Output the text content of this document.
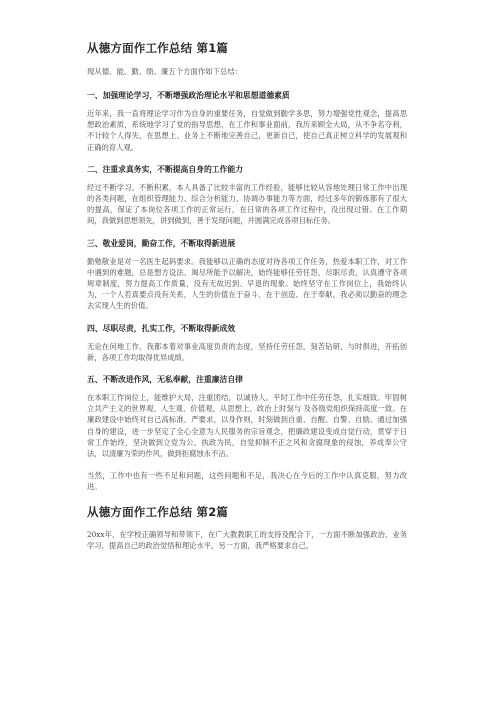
从德方面作工作总结 第1篇

现从德、能、勤、绩、廉五个方面作如下总结：

一、加强理论学习，不断增强政治理论水平和思想道德素质

近年来，我一直将理论学习作为自身的重要任务，自觉做到勤学多思，努力增强党性观念，提高思想政治素质，系统地学习了党的指导思想，在工作和事业面前，我历来顾全大局，从不争名夺利，不计较个人得失，在思想上、业务上不断地完善自己，更新自己，使自己真正树立科学的发展观和正确的育人观。

二、注重求真务实，不断提高自身的工作能力

经过不断学习、不断积累，本人具备了比较丰富的工作经验，能够比较从容地处理日常工作中出现的各类问题，在组织管理能力、综合分析能力、协调办事能力等方面，经过多年的锻炼都有了很大的提高，保证了本岗位各项工作的正常运行，在日常的各项工作过程中，没出现过错。在工作期间，我做到思想领先，讲到做到，善于发现问题，并圆满完成各项目标任务。

三、敬业爱岗，勤奋工作，不断取得新进展

勤勉敬业是对一名医生起码要求。我能够以正确的态度对待各项工作任务，热爱本职工作，对工作中遇到的难题，总是想方设法、竭尽所能予以解决，始终能够任劳任怨，尽职尽责，认真遵守各项规章制度，努力提高工作质量，没有无故迟到、早退的现象。始终坚守在工作岗位上，我始终认为，一个人若真要点没有关系，人生的价值在于奋斗、在于创造、在于奉献。我必须以勤奋的理念去实现人生的价值。

四、尽职尽责，扎实工作，不断取得新成效

无论在何地工作，我都本着对事业高度负责的态度，坚持任劳任怨，刻苦钻研，与时俱进，开拓创新，各项工作均取得优异成绩。

五、不断改进作风，无私奉献，注重廉洁自律

在本职工作岗位上，能维护大局，注重团结，以诚待人。平时工作中任劳任怨，扎实细致。牢固树立共产主义的世界观、人生观、价值观，从思想上、政治上时刻与 及各级党组织保持高度一致。在廉政建设中始终对自己高标准、严要求，以身作则，时刻做到自重、自醒、自警、自励。通过加强自身的建设，进一步坚定了全心全意为人民服务的宗旨观念，把廉政建设变成自觉行动，贯穿于日常工作始终，坚决做到立党为公、执政为民，自觉抑制不正之风和贪腐现象的侵蚀，养成奉公守法，以清廉为荣的作风，做到拒腐蚀永不沾。

当然，工作中也有一些不足和问题，这些问题和不足，我决心在今后的工作中认真克服，努力改进。

从德方面作工作总结 第2篇

20xx年，在学校正确领导和带领下，在广大教教职工的支持及配合下，一方面不断加强政治、业务学习，提高自己的政治觉悟和理论水平，另一方面，我严格要求自己，
